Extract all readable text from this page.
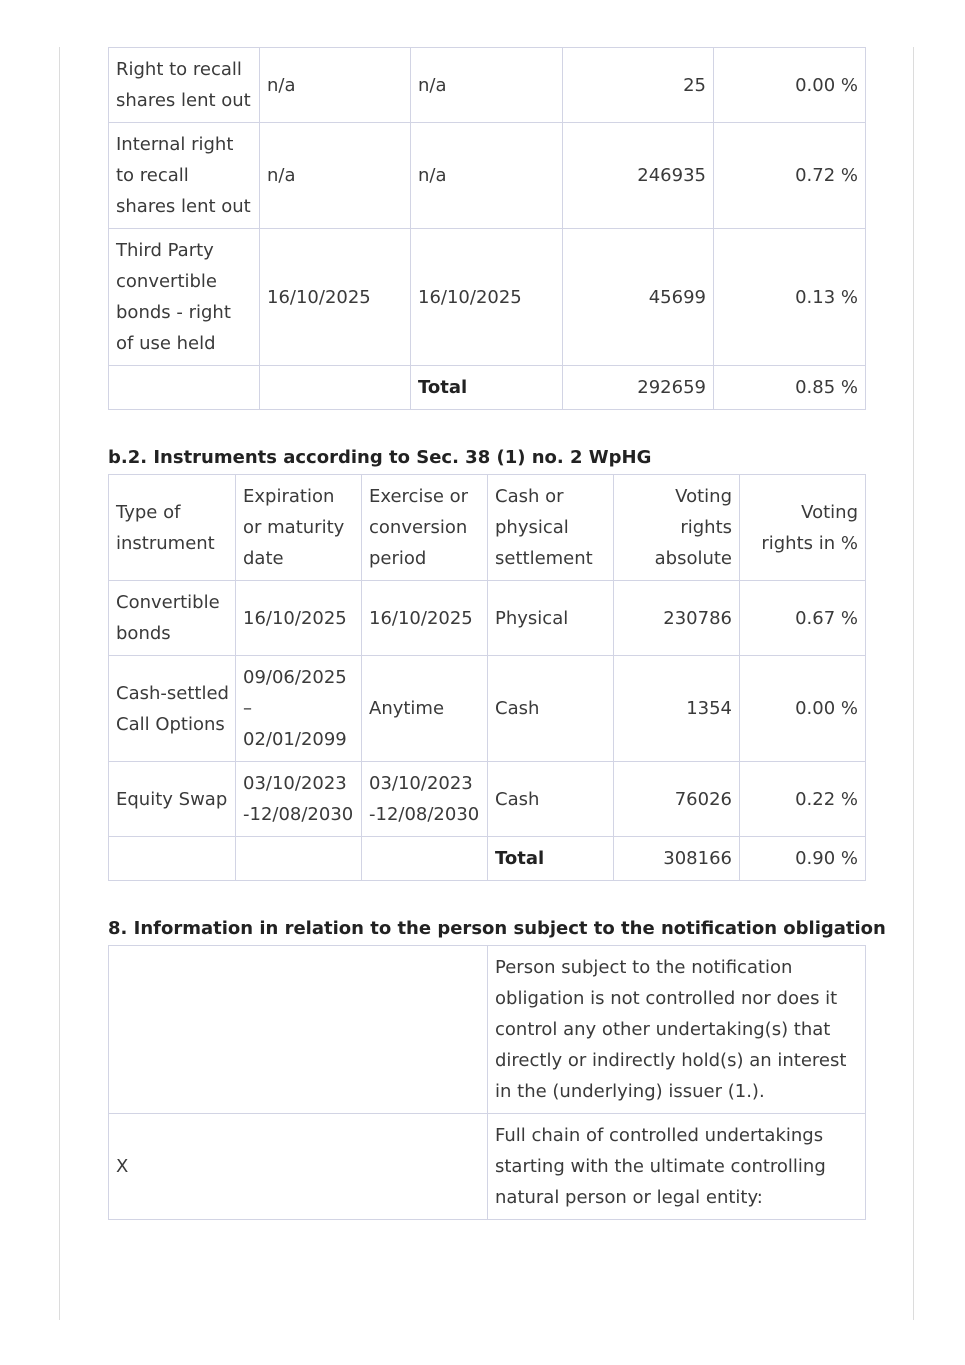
Right to recall shares lent out	n/a	n/a	25	0.00 %
Internal right to recall shares lent out	n/a	n/a	246935	0.72 %
Third Party convertible bonds - right of use held	16/10/2025	16/10/2025	45699	0.13 %
		Total	292659	0.85 %
b.2. Instruments according to Sec. 38 (1) no. 2 WpHG
Type of instrument	Expiration or maturity date	Exercise or conversion period	Cash or physical settlement	Voting rights absolute	Voting rights in %
Convertible bonds	16/10/2025	16/10/2025	Physical	230786	0.67 %
Cash-settled Call Options	09/06/2025 – 02/01/2099	Anytime	Cash	1354	0.00 %
Equity Swap	03/10/2023 -12/08/2030	03/10/2023 -12/08/2030	Cash	76026	0.22 %
			Total	308166	0.90 %
8. Information in relation to the person subject to the notification obligation
	Person subject to the notification obligation is not controlled nor does it control any other undertaking(s) that directly or indirectly hold(s) an interest in the (underlying) issuer (1.).
X	Full chain of controlled undertakings starting with the ultimate controlling natural person or legal entity:
